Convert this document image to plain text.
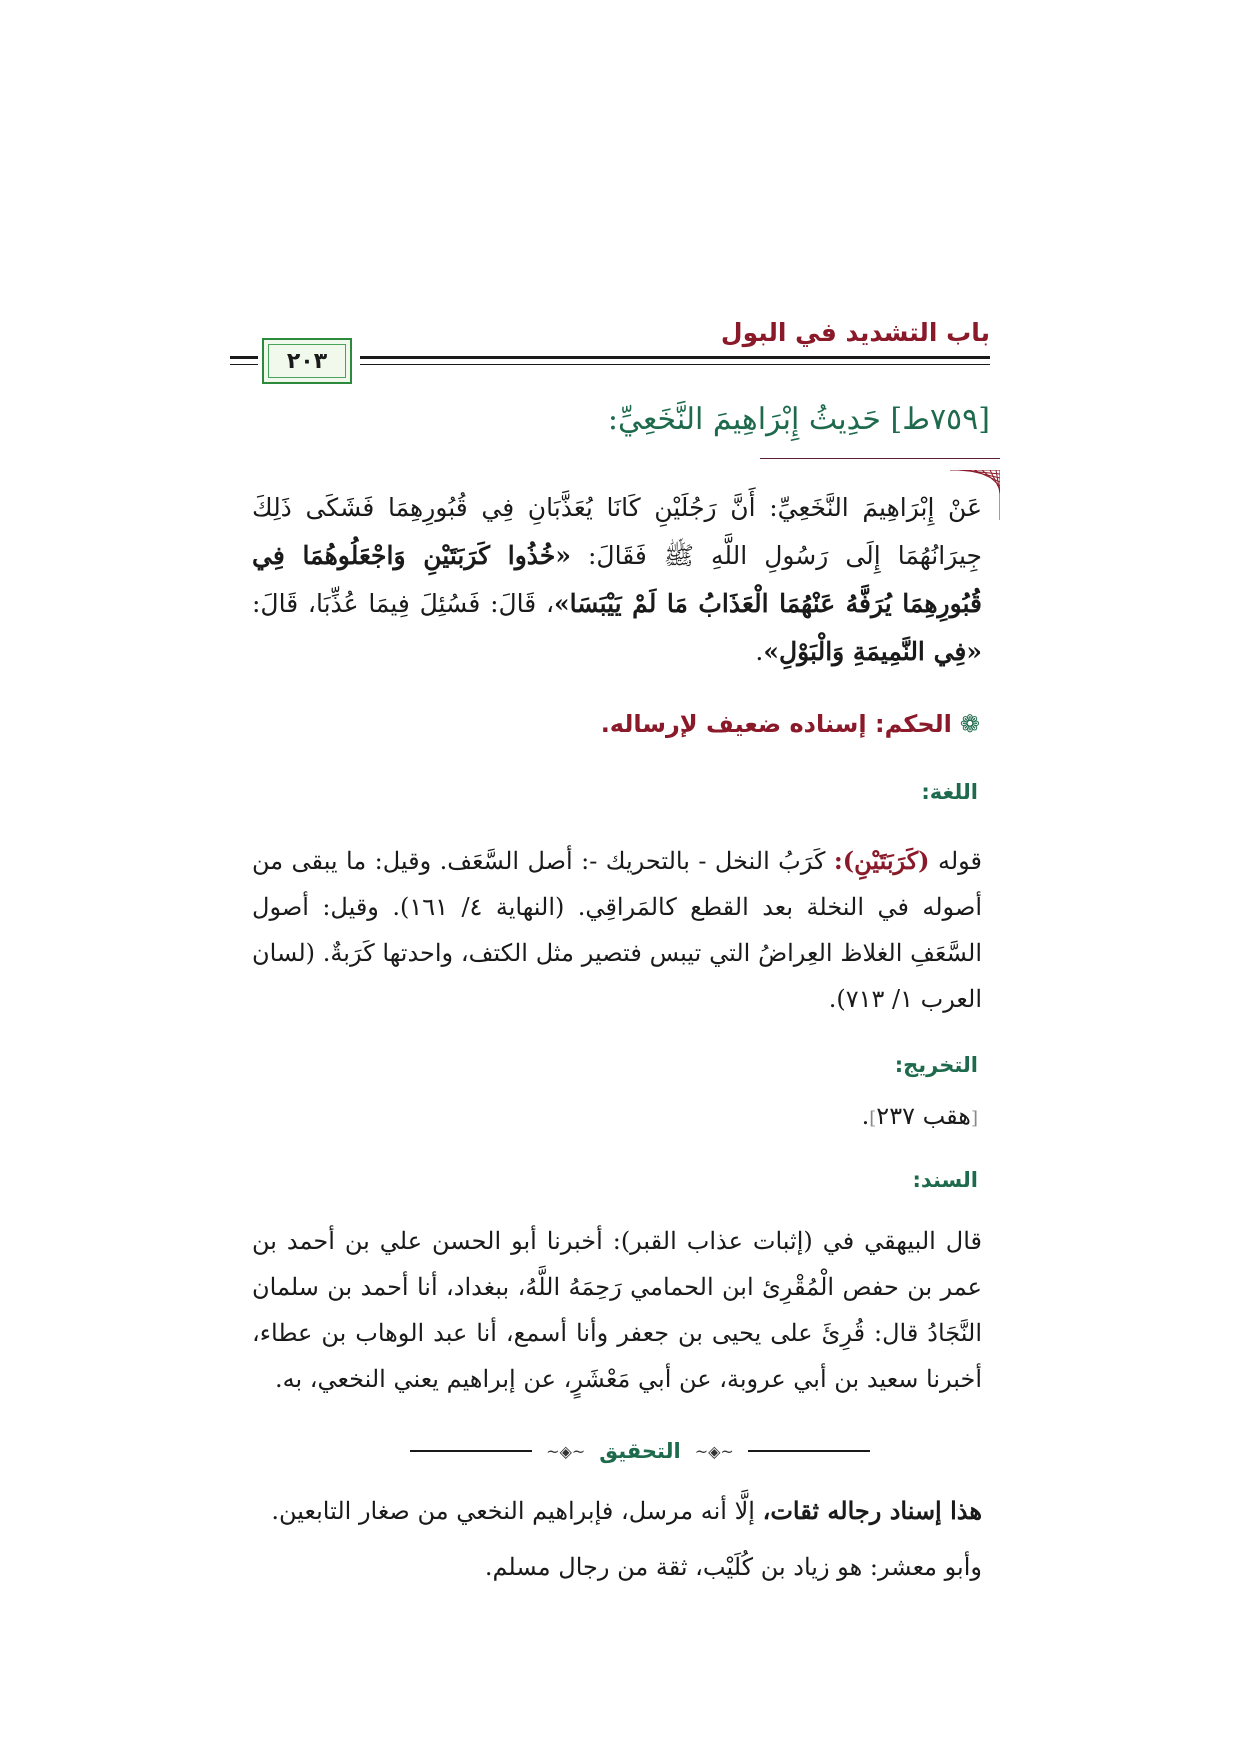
باب التشديد في البول
٢٠٣
[٧٥٩ط] حَدِيثُ إِبْرَاهِيمَ النَّخَعِيِّ:
عَنْ إِبْرَاهِيمَ النَّخَعِيِّ: أَنَّ رَجُلَيْنِ كَانَا يُعَذَّبَانِ فِي قُبُورِهِمَا فَشَكَى ذَلِكَ جِيرَانُهُمَا إِلَى رَسُولِ اللَّهِ ﷺ فَقَالَ: «خُذُوا كَرَبَتَيْنِ وَاجْعَلُوهُمَا فِي قُبُورِهِمَا يُرَفَّهُ عَنْهُمَا الْعَذَابُ مَا لَمْ يَيْبَسَا»، قَالَ: فَسُئِلَ فِيمَا عُذِّبَا، قَالَ: «فِي النَّمِيمَةِ وَالْبَوْلِ».
❁الحكم: إسناده ضعيف لإرساله.
اللغة:
قوله (كَرَبَتَيْنِ): كَرَبُ النخل - بالتحريك -: أصل السَّعَف. وقيل: ما يبقى من أصوله في النخلة بعد القطع كالمَراقِي. (النهاية ٤/ ١٦١). وقيل: أصول السَّعَفِ الغلاظ العِراضُ التي تيبس فتصير مثل الكتف، واحدتها كَرَبةٌ. (لسان العرب ١/ ٧١٣).
التخريج:
[هقب ٢٣٧].
السند:
قال البيهقي في (إثبات عذاب القبر): أخبرنا أبو الحسن علي بن أحمد بن عمر بن حفص الْمُقْرِئ ابن الحمامي رَحِمَهُ اللَّهُ، ببغداد، أنا أحمد بن سلمان النَّجَادُ قال: قُرِئَ على يحيى بن جعفر وأنا أسمع، أنا عبد الوهاب بن عطاء، أخبرنا سعيد بن أبي عروبة، عن أبي مَعْشَرٍ، عن إبراهيم يعني النخعي، به.
~◈~
التحقيق
~◈~

هذا إسناد رجاله ثقات، إلَّا أنه مرسل، فإبراهيم النخعي من صغار التابعين.

وأبو معشر: هو زياد بن كُلَيْب، ثقة من رجال مسلم.
